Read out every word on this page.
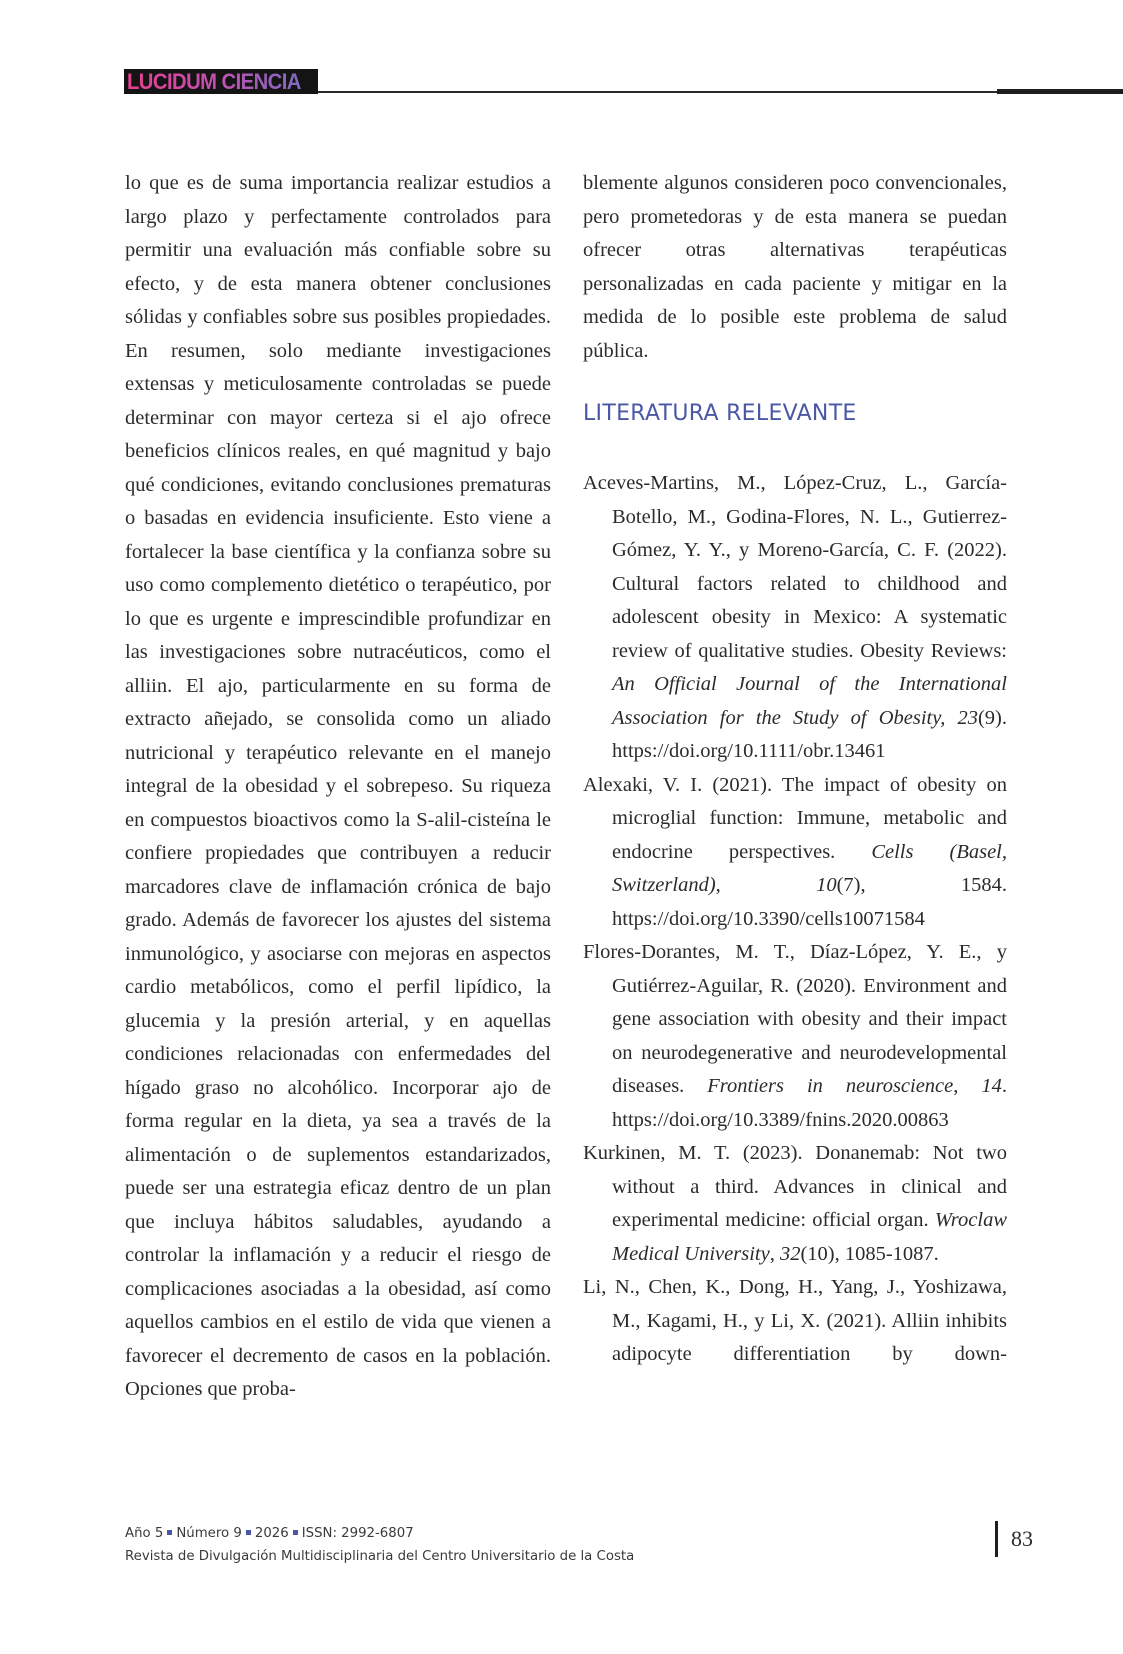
LUCIDUM CIENCIA

lo que es de suma importancia realizar estudios a largo plazo y perfectamente controlados para permitir una evaluación más confiable sobre su efecto, y de esta manera obtener conclusiones sólidas y confiables sobre sus posibles propiedades. En resumen, solo mediante investigaciones extensas y meticulosamente controladas se puede determinar con mayor certeza si el ajo ofrece beneficios clínicos reales, en qué magnitud y bajo qué condiciones, evitando conclusiones prematuras o basadas en evidencia insuficiente. Esto viene a fortalecer la base científica y la confianza sobre su uso como complemento dietético o terapéutico, por lo que es urgente e imprescindible profundizar en las investigaciones sobre nutracéuticos, como el alliin. El ajo, particularmente en su forma de extracto añejado, se consolida como un aliado nutricional y terapéutico relevante en el manejo integral de la obesidad y el sobrepeso. Su riqueza en compuestos bioactivos como la S-alil-cisteína le confiere propiedades que contribuyen a reducir marcadores clave de inflamación crónica de bajo grado. Además de favorecer los ajustes del sistema inmunológico, y asociarse con mejoras en aspectos cardio metabólicos, como el perfil lipídico, la glucemia y la presión arterial, y en aquellas condiciones relacionadas con enfermedades del hígado graso no alcohólico. Incorporar ajo de forma regular en la dieta, ya sea a través de la alimentación o de suplementos estandarizados, puede ser una estrategia eficaz dentro de un plan que incluya hábitos saludables, ayudando a controlar la inflamación y a reducir el riesgo de complicaciones asociadas a la obesidad, así como aquellos cambios en el estilo de vida que vienen a favorecer el decremento de casos en la población. Opciones que proba-

blemente algunos consideren poco convencionales, pero prometedoras y de esta manera se puedan ofrecer otras alternativas terapéuticas personalizadas en cada paciente y mitigar en la medida de lo posible este problema de salud pública.

LITERATURA RELEVANTE

Aceves-Martins, M., López-Cruz, L., García-Botello, M., Godina-Flores, N. L., Gutierrez-Gómez, Y. Y., y Moreno-García, C. F. (2022). Cultural factors related to childhood and adolescent obesity in Mexico: A systematic review of qualitative studies. Obesity Reviews: An Official Journal of the International Association for the Study of Obesity, 23(9). https://doi.org/10.1111/obr.13461

Alexaki, V. I. (2021). The impact of obesity on microglial function: Immune, metabolic and endocrine perspectives. Cells (Basel, Switzerland), 10(7), 1584. https://doi.org/10.3390/cells10071584

Flores-Dorantes, M. T., Díaz-López, Y. E., y Gutiérrez-Aguilar, R. (2020). Environment and gene association with obesity and their impact on neurodegenerative and neurodevelopmental diseases. Frontiers in neuroscience, 14. https://doi.org/10.3389/fnins.2020.00863

Kurkinen, M. T. (2023). Donanemab: Not two without a third. Advances in clinical and experimental medicine: official organ. Wroclaw Medical University, 32(10), 1085-1087.

Li, N., Chen, K., Dong, H., Yang, J., Yoshizawa, M., Kagami, H., y Li, X. (2021). Alliin inhibits adipocyte differentiation by down-

Año 5 Número 9 2026 ISSN: 2992-6807
Revista de Divulgación Multidisciplinaria del Centro Universitario de la Costa
83
